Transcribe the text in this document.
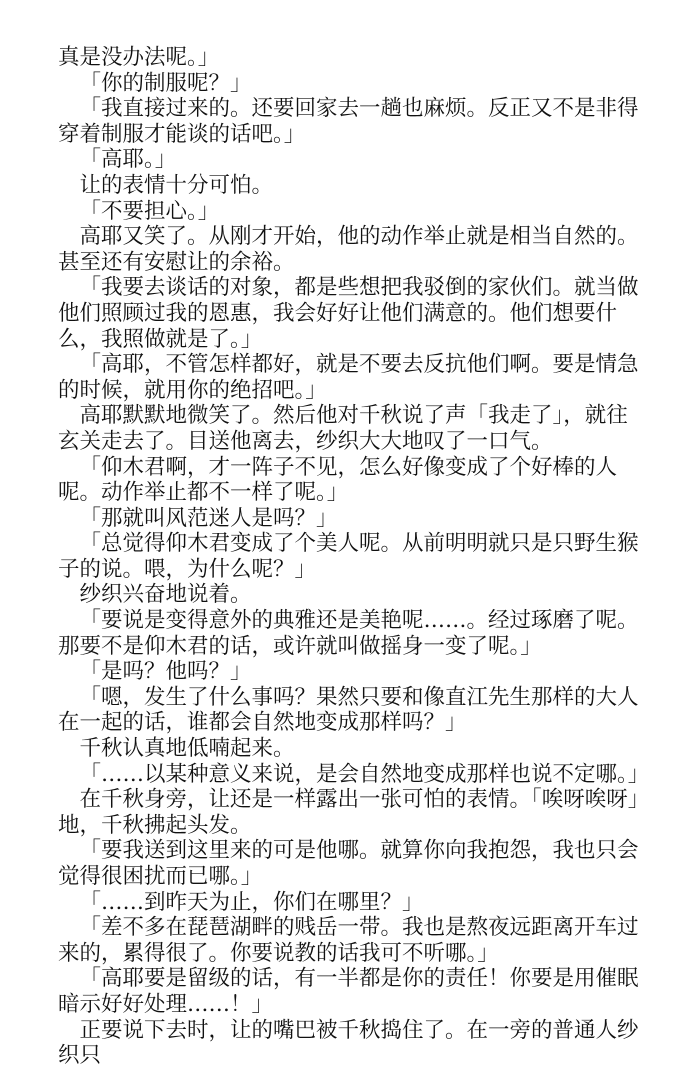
真是没办法呢。」

「你的制服呢？」

「我直接过来的。还要回家去一趟也麻烦。反正又不是非得穿着制服才能谈的话吧。」

「高耶。」

让的表情十分可怕。

「不要担心。」

高耶又笑了。从刚才开始，他的动作举止就是相当自然的。甚至还有安慰让的余裕。

「我要去谈话的对象，都是些想把我驳倒的家伙们。就当做他们照顾过我的恩惠，我会好好让他们满意的。他们想要什么，我照做就是了。」

「高耶，不管怎样都好，就是不要去反抗他们啊。要是情急的时候，就用你的绝招吧。」

高耶默默地微笑了。然后他对千秋说了声「我走了」，就往玄关走去了。目送他离去，纱织大大地叹了一口气。

「仰木君啊，才一阵子不见，怎么好像变成了个好棒的人呢。动作举止都不一样了呢。」

「那就叫风范迷人是吗？」

「总觉得仰木君变成了个美人呢。从前明明就只是只野生猴子的说。喂，为什么呢？」

纱织兴奋地说着。

「要说是变得意外的典雅还是美艳呢……。经过琢磨了呢。那要不是仰木君的话，或许就叫做摇身一变了呢。」

「是吗？他吗？」

「嗯，发生了什么事吗？果然只要和像直江先生那样的大人在一起的话，谁都会自然地变成那样吗？」

千秋认真地低喃起来。

「……以某种意义来说，是会自然地变成那样也说不定哪。」

在千秋身旁，让还是一样露出一张可怕的表情。「唉呀唉呀」地，千秋拂起头发。

「要我送到这里来的可是他哪。就算你向我抱怨，我也只会觉得很困扰而已哪。」

「……到昨天为止，你们在哪里？」

「差不多在琵琶湖畔的贱岳一带。我也是熬夜远距离开车过来的，累得很了。你要说教的话我可不听哪。」

「高耶要是留级的话，有一半都是你的责任！你要是用催眠暗示好好处理……！」

正要说下去时，让的嘴巴被千秋捣住了。在一旁的普通人纱织只
